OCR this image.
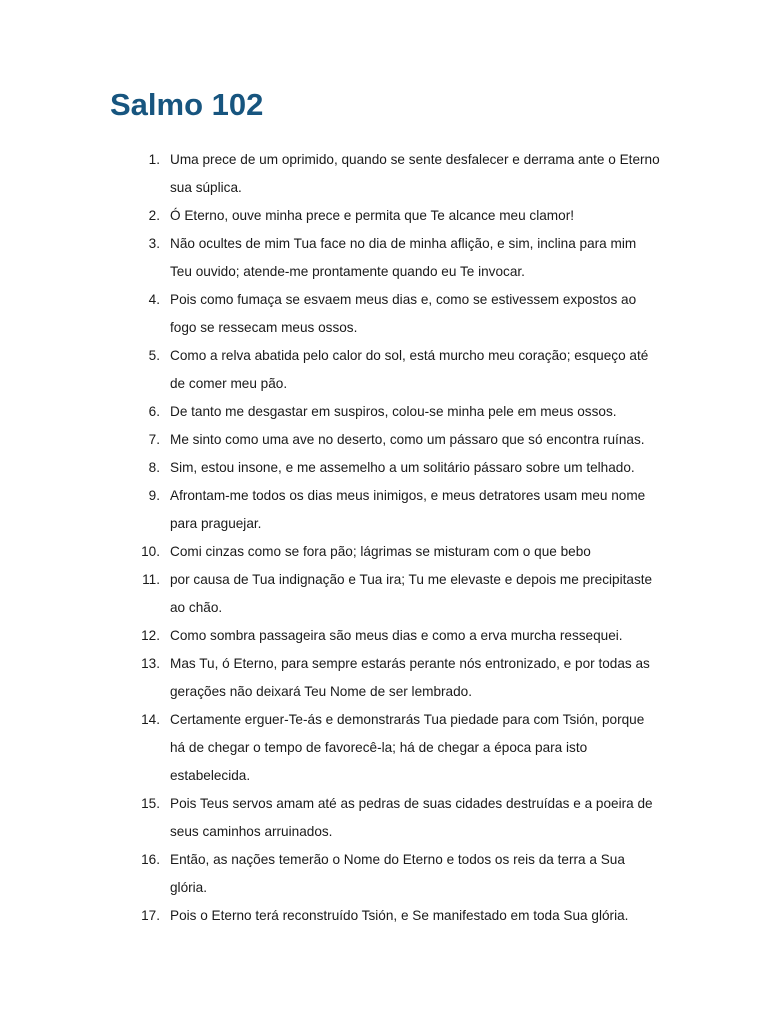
Salmo 102
1. Uma prece de um oprimido, quando se sente desfalecer e derrama ante o Eterno sua súplica.
2. Ó Eterno, ouve minha prece e permita que Te alcance meu clamor!
3. Não ocultes de mim Tua face no dia de minha aflição, e sim, inclina para mim Teu ouvido; atende-me prontamente quando eu Te invocar.
4. Pois como fumaça se esvaem meus dias e, como se estivessem expostos ao fogo se ressecam meus ossos.
5. Como a relva abatida pelo calor do sol, está murcho meu coração; esqueço até de comer meu pão.
6. De tanto me desgastar em suspiros, colou-se minha pele em meus ossos.
7. Me sinto como uma ave no deserto, como um pássaro que só encontra ruínas.
8. Sim, estou insone, e me assemelho a um solitário pássaro sobre um telhado.
9. Afrontam-me todos os dias meus inimigos, e meus detratores usam meu nome para praguejar.
10. Comi cinzas como se fora pão; lágrimas se misturam com o que bebo
11. por causa de Tua indignação e Tua ira; Tu me elevaste e depois me precipitaste ao chão.
12. Como sombra passageira são meus dias e como a erva murcha ressequei.
13. Mas Tu, ó Eterno, para sempre estarás perante nós entronizado, e por todas as gerações não deixará Teu Nome de ser lembrado.
14. Certamente erguer-Te-ás e demonstrarás Tua piedade para com Tsión, porque há de chegar o tempo de favorecê-la; há de chegar a época para isto estabelecida.
15. Pois Teus servos amam até as pedras de suas cidades destruídas e a poeira de seus caminhos arruinados.
16. Então, as nações temerão o Nome do Eterno e todos os reis da terra a Sua glória.
17. Pois o Eterno terá reconstruído Tsión, e Se manifestado em toda Sua glória.
